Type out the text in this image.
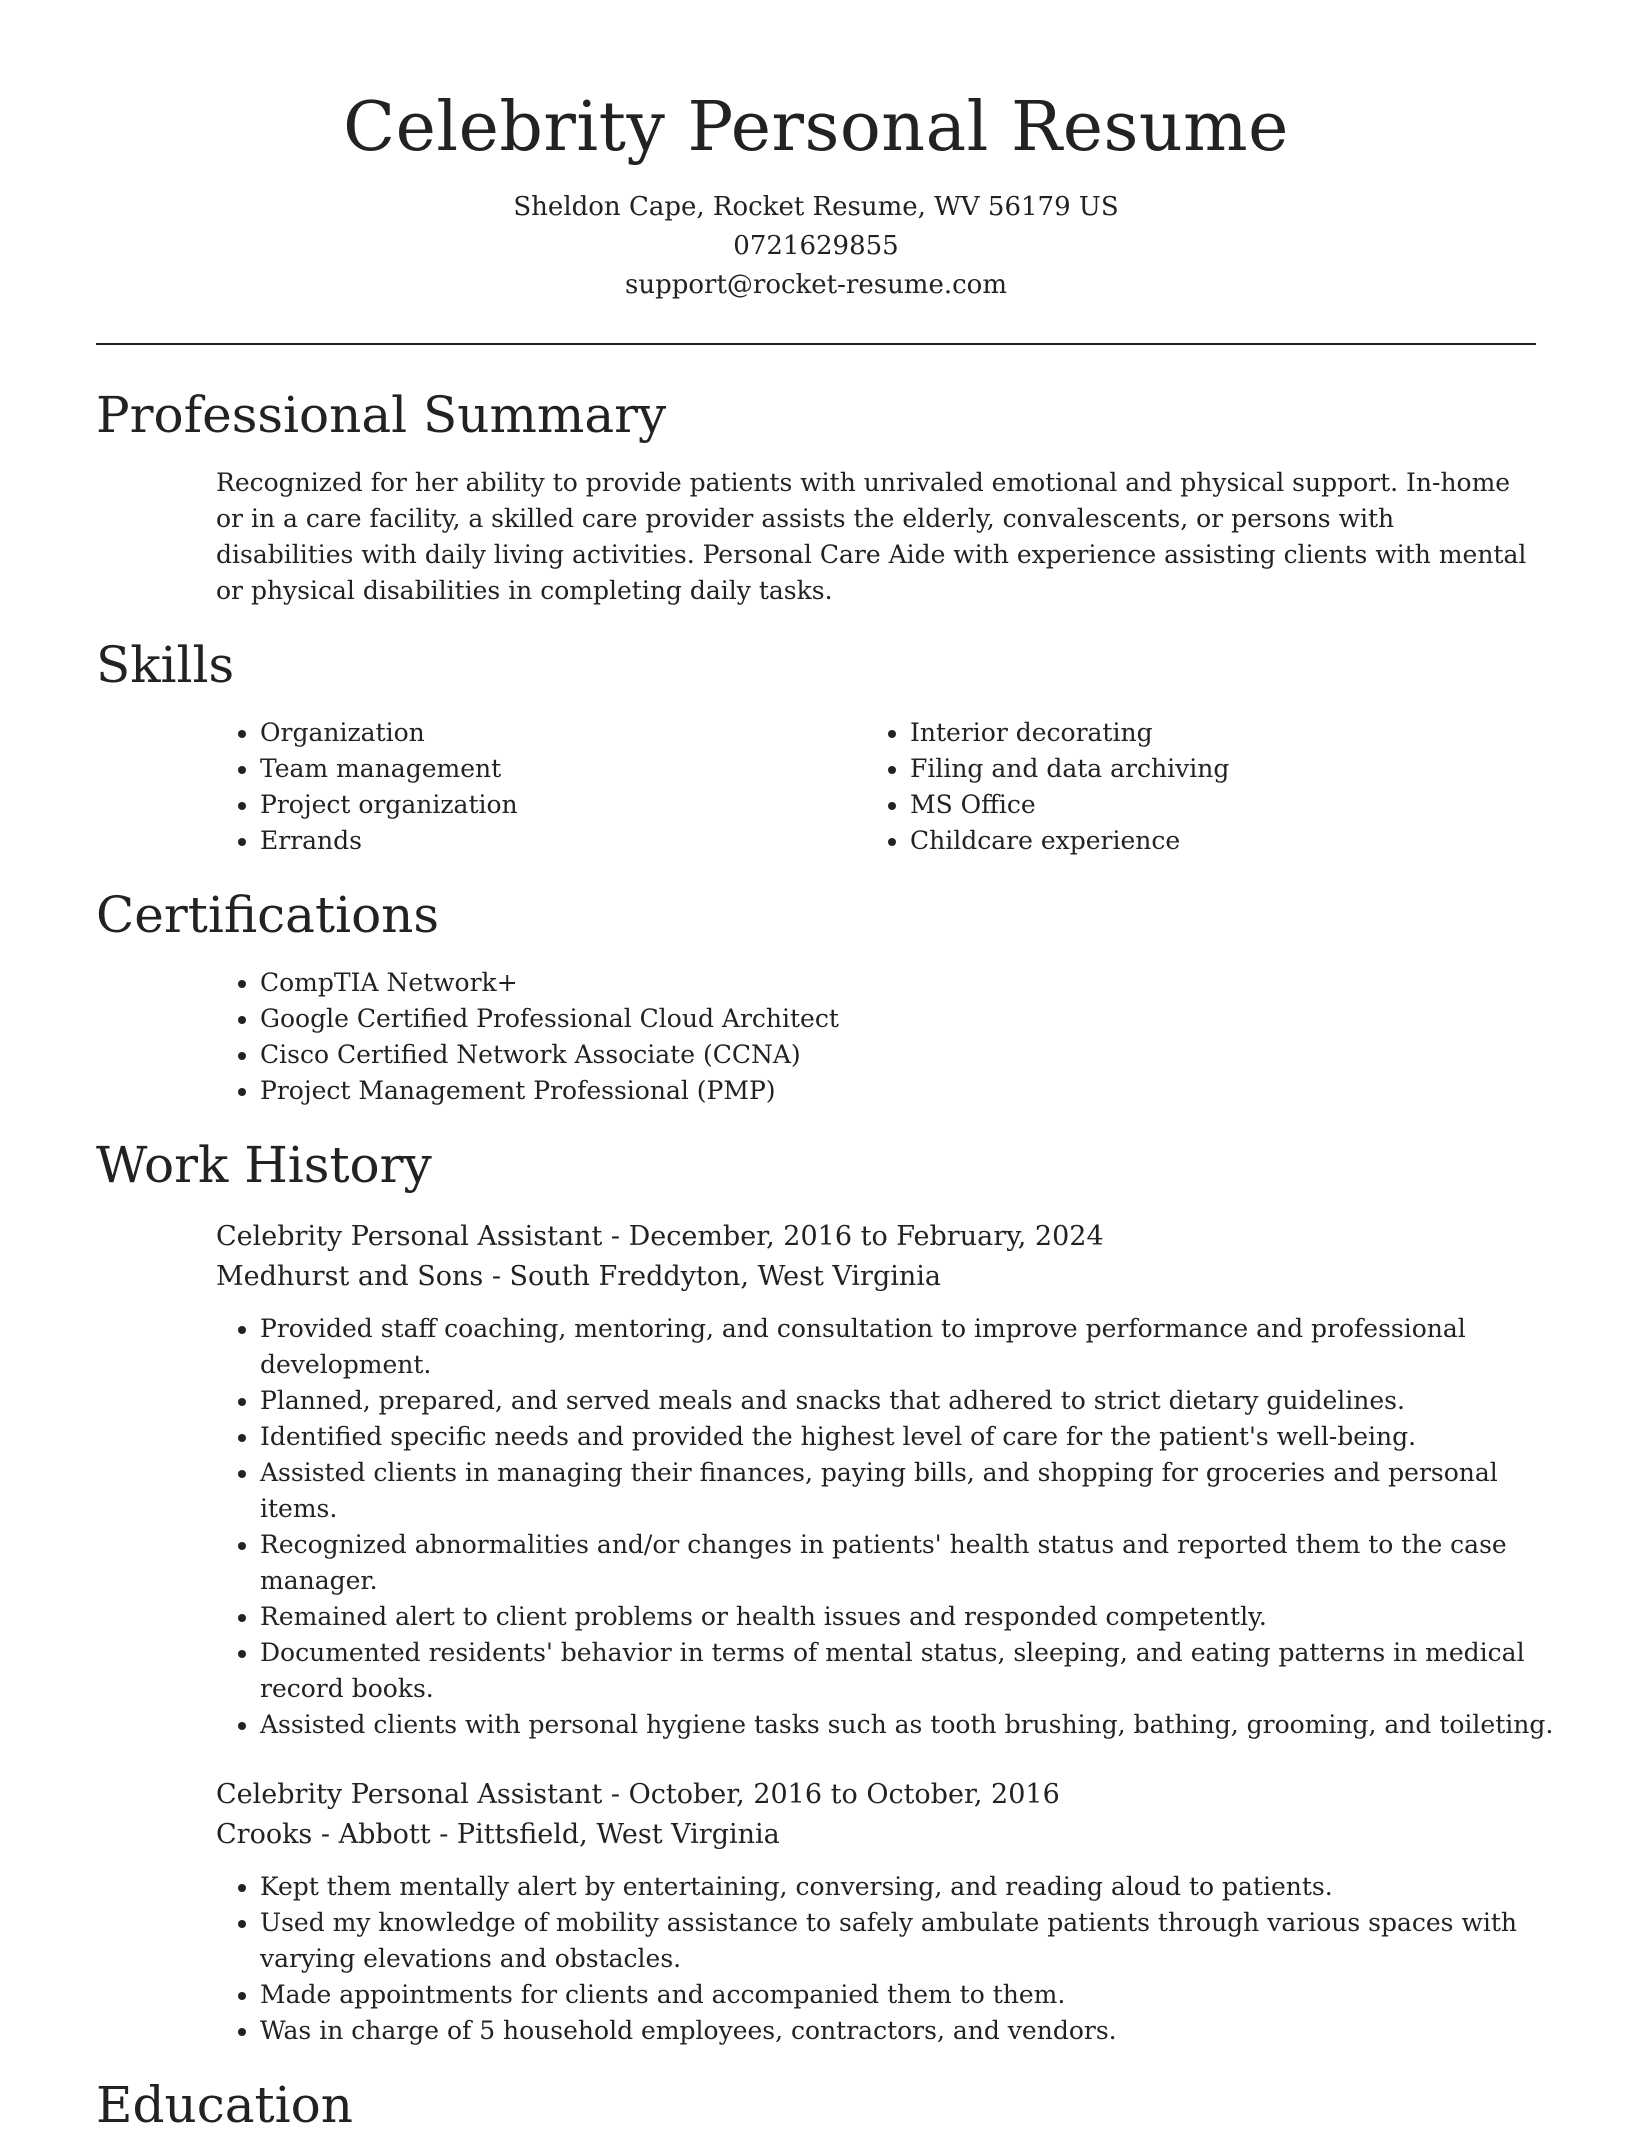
Celebrity Personal Resume
Sheldon Cape, Rocket Resume, WV 56179 US
0721629855
support@rocket-resume.com
Professional Summary
Recognized for her ability to provide patients with unrivaled emotional and physical support. In-home or in a care facility, a skilled care provider assists the elderly, convalescents, or persons with disabilities with daily living activities. Personal Care Aide with experience assisting clients with mental or physical disabilities in completing daily tasks.
Skills
• Organization
• Team management
• Project organization
• Errands
• Interior decorating
• Filing and data archiving
• MS Office
• Childcare experience
Certifications
• CompTIA Network+
• Google Certified Professional Cloud Architect
• Cisco Certified Network Associate (CCNA)
• Project Management Professional (PMP)
Work History
Celebrity Personal Assistant - December, 2016 to February, 2024
Medhurst and Sons - South Freddyton, West Virginia
• Provided staff coaching, mentoring, and consultation to improve performance and professional development.
• Planned, prepared, and served meals and snacks that adhered to strict dietary guidelines.
• Identified specific needs and provided the highest level of care for the patient's well-being.
• Assisted clients in managing their finances, paying bills, and shopping for groceries and personal items.
• Recognized abnormalities and/or changes in patients' health status and reported them to the case manager.
• Remained alert to client problems or health issues and responded competently.
• Documented residents' behavior in terms of mental status, sleeping, and eating patterns in medical record books.
• Assisted clients with personal hygiene tasks such as tooth brushing, bathing, grooming, and toileting.
Celebrity Personal Assistant - October, 2016 to October, 2016
Crooks - Abbott - Pittsfield, West Virginia
• Kept them mentally alert by entertaining, conversing, and reading aloud to patients.
• Used my knowledge of mobility assistance to safely ambulate patients through various spaces with varying elevations and obstacles.
• Made appointments for clients and accompanied them to them.
• Was in charge of 5 household employees, contractors, and vendors.
Education
